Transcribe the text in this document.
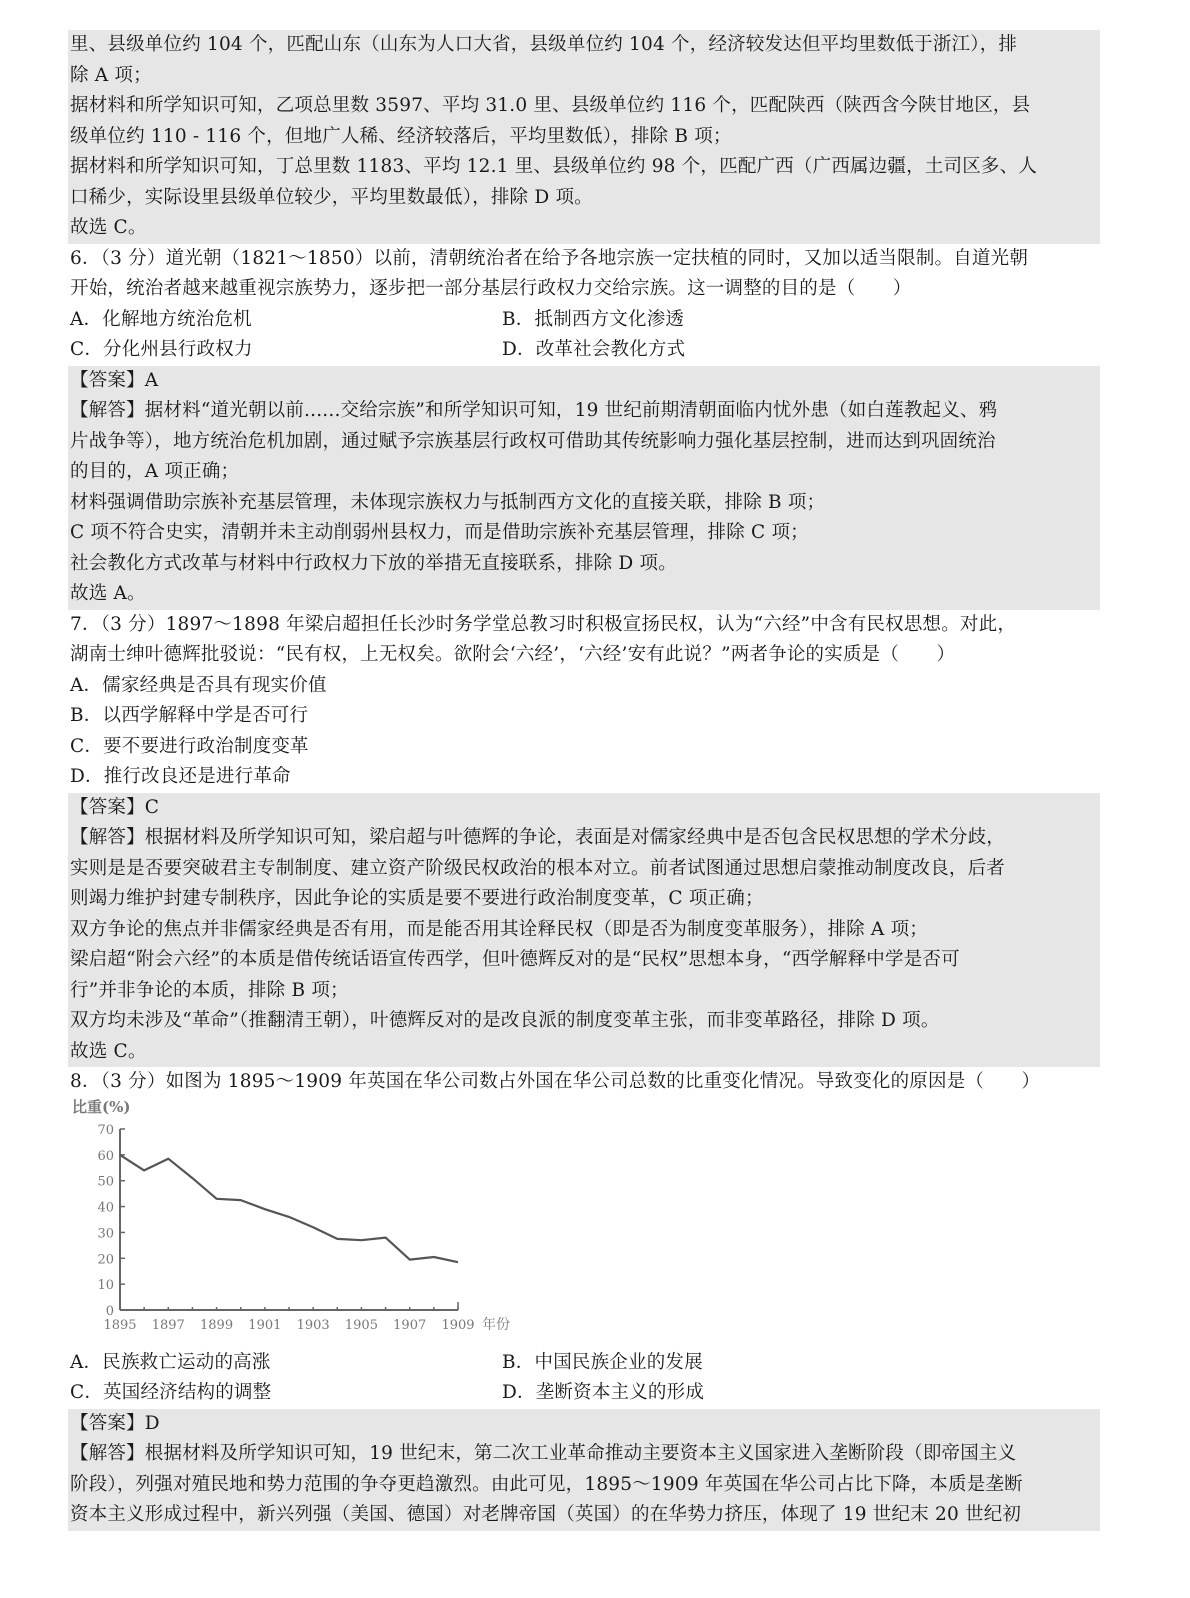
里、县级单位约 104 个，匹配山东（山东为人口大省，县级单位约 104 个，经济较发达但平均里数低于浙江），排
除 A 项；
据材料和所学知识可知，乙项总里数 3597、平均 31.0 里、县级单位约 116 个，匹配陕西（陕西含今陕甘地区，县
级单位约 110 - 116 个，但地广人稀、经济较落后，平均里数低），排除 B 项；
据材料和所学知识可知，丁总里数 1183、平均 12.1 里、县级单位约 98 个，匹配广西（广西属边疆，土司区多、人
口稀少，实际设里县级单位较少，平均里数最低），排除 D 项。
故选 C。
6．（3 分）道光朝（1821～1850）以前，清朝统治者在给予各地宗族一定扶植的同时，又加以适当限制。自道光朝
开始，统治者越来越重视宗族势力，逐步把一部分基层行政权力交给宗族。这一调整的目的是（　　）
A．化解地方统治危机	B．抵制西方文化渗透
C．分化州县行政权力	D．改革社会教化方式
【答案】A
【解答】据材料“道光朝以前......交给宗族”和所学知识可知，19 世纪前期清朝面临内忧外患（如白莲教起义、鸦
片战争等），地方统治危机加剧，通过赋予宗族基层行政权可借助其传统影响力强化基层控制，进而达到巩固统治
的目的，A 项正确；
材料强调借助宗族补充基层管理，未体现宗族权力与抵制西方文化的直接关联，排除 B 项；
C 项不符合史实，清朝并未主动削弱州县权力，而是借助宗族补充基层管理，排除 C 项；
社会教化方式改革与材料中行政权力下放的举措无直接联系，排除 D 项。
故选 A。
7．（3 分）1897～1898 年梁启超担任长沙时务学堂总教习时积极宣扬民权，认为“六经”中含有民权思想。对此，
湖南士绅叶德辉批驳说：“民有权，上无权矣。欲附会‘六经’，‘六经’安有此说？”两者争论的实质是（　　）
A．儒家经典是否具有现实价值
B．以西学解释中学是否可行
C．要不要进行政治制度变革
D．推行改良还是进行革命
【答案】C
【解答】根据材料及所学知识可知，梁启超与叶德辉的争论，表面是对儒家经典中是否包含民权思想的学术分歧，
实则是是否要突破君主专制制度、建立资产阶级民权政治的根本对立。前者试图通过思想启蒙推动制度改良，后者
则竭力维护封建专制秩序，因此争论的实质是要不要进行政治制度变革，C 项正确；
双方争论的焦点并非儒家经典是否有用，而是能否用其诠释民权（即是否为制度变革服务），排除 A 项；
梁启超“附会六经”的本质是借传统话语宣传西学，但叶德辉反对的是“民权”思想本身，“西学解释中学是否可
行”并非争论的本质，排除 B 项；
双方均未涉及“革命”（推翻清王朝），叶德辉反对的是改良派的制度变革主张，而非变革路径，排除 D 项。
故选 C。
8．（3 分）如图为 1895～1909 年英国在华公司数占外国在华公司总数的比重变化情况。导致变化的原因是（　　）
比重(%)
0
10
20
30
40
50
60
70
1895 1897 1899 1901 1903 1905 1907 1909 年份
A．民族救亡运动的高涨	B．中国民族企业的发展
C．英国经济结构的调整	D．垄断资本主义的形成
【答案】D
【解答】根据材料及所学知识可知，19 世纪末，第二次工业革命推动主要资本主义国家进入垄断阶段（即帝国主义
阶段），列强对殖民地和势力范围的争夺更趋激烈。由此可见，1895～1909 年英国在华公司占比下降，本质是垄断
资本主义形成过程中，新兴列强（美国、德国）对老牌帝国（英国）的在华势力挤压，体现了 19 世纪末 20 世纪初
